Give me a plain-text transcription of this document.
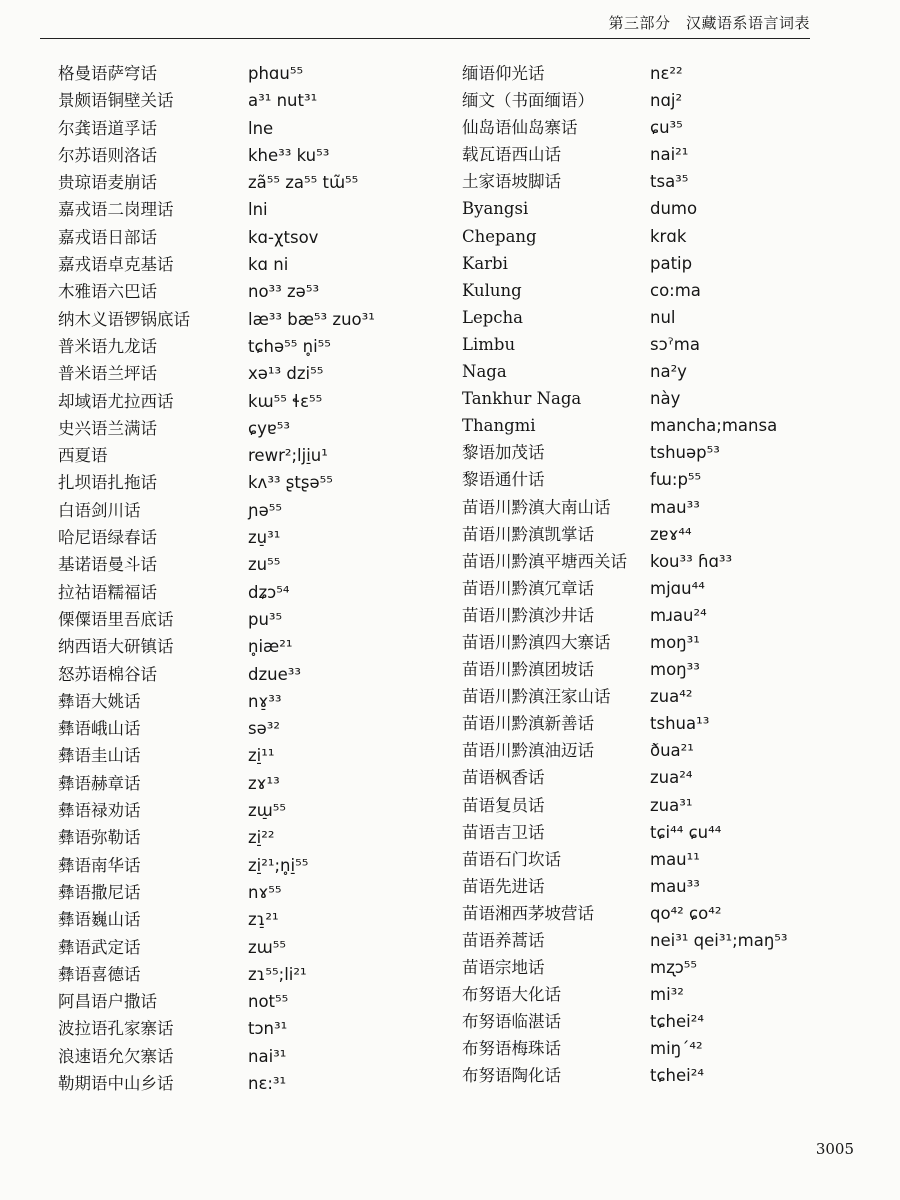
第三部分　汉藏语系语言词表
格曼语萨穹话	phɑu⁵⁵
景颇语铜壁关话	a³¹ nut³¹
尔龚语道孚话	lne
尔苏语则洛话	khe³³ ku⁵³
贵琼语麦崩话	zã⁵⁵ za⁵⁵ tɯ̃⁵⁵
嘉戎语二岗理话	lni
嘉戎语日部话	kɑ-χtsov
嘉戎语卓克基话	kɑ ni
木雅语六巴话	no³³ zə⁵³
纳木义语锣锅底话	læ³³ bæ⁵³ zuo³¹
普米语九龙话	tɕhə⁵⁵ n̥i⁵⁵
普米语兰坪话	xə¹³ dzi⁵⁵
却域语尤拉西话	kɯ⁵⁵ ɬɛ⁵⁵
史兴语兰满话	ɕyɐ⁵³
西夏语	rewr²;lji̠u¹
扎坝语扎拖话	kʌ³³ ʂtʂə⁵⁵
白语剑川话	ɲə⁵⁵
哈尼语绿春话	zu̠³¹
基诺语曼斗话	zu⁵⁵
拉祜语糯福话	dʑɔ⁵⁴
傈僳语里吾底话	pu³⁵
纳西语大研镇话	n̥iæ²¹
怒苏语棉谷话	dzue³³
彝语大姚话	nɤ̠³³
彝语峨山话	sə³²
彝语圭山话	zi̠¹¹
彝语赫章话	zɤ¹³
彝语禄劝话	zɯ̠⁵⁵
彝语弥勒话	zi̠²²
彝语南华话	zi̠²¹;n̥i̠⁵⁵
彝语撒尼话	nɤ⁵⁵
彝语巍山话	zɿ̠²¹
彝语武定话	zɯ⁵⁵
彝语喜德话	zɿ⁵⁵;li²¹
阿昌语户撒话	not⁵⁵
波拉语孔家寨话	tɔn³¹
浪速语允欠寨话	nai³¹
勒期语中山乡话	nɛ:³¹
缅语仰光话	nɛ²²
缅文（书面缅语）	nɑj²
仙岛语仙岛寨话	ɕu³⁵
载瓦语西山话	nai²¹
土家语坡脚话	tsa³⁵
Byangsi	dumo
Chepang	krɑk
Karbi	patip
Kulung	co:ma
Lepcha	nul
Limbu	sɔˀma
Naga	na²y
Tankhur Naga	này
Thangmi	mancha;mansa
黎语加茂话	tshuəp⁵³
黎语通什话	fɯ:p⁵⁵
苗语川黔滇大南山话 mau³³
苗语川黔滇凯掌话	zɐɤ⁴⁴
苗语川黔滇平塘西关话 kou³³ ɦɑ³³
苗语川黔滇冗章话	mjɑu⁴⁴
苗语川黔滇沙井话	mɹau²⁴
苗语川黔滇四大寨话 moŋ³¹
苗语川黔滇团坡话	moŋ³³
苗语川黔滇汪家山话 zua⁴²
苗语川黔滇新善话	tshua¹³
苗语川黔滇油迈话	ðua²¹
苗语枫香话	zua²⁴
苗语复员话	zua³¹
苗语吉卫话	tɕi⁴⁴ ɕu⁴⁴
苗语石门坎话	mau¹¹
苗语先进话	mau³³
苗语湘西茅坡营话	qo⁴² ɕo⁴²
苗语养蒿话	nei³¹ qei³¹;maŋ⁵³
苗语宗地话	mʐɔ⁵⁵
布努语大化话	mi³²
布努语临湛话	tɕhei²⁴
布努语梅珠话	miŋ´⁴²
布努语陶化话	tɕhei²⁴
3005
